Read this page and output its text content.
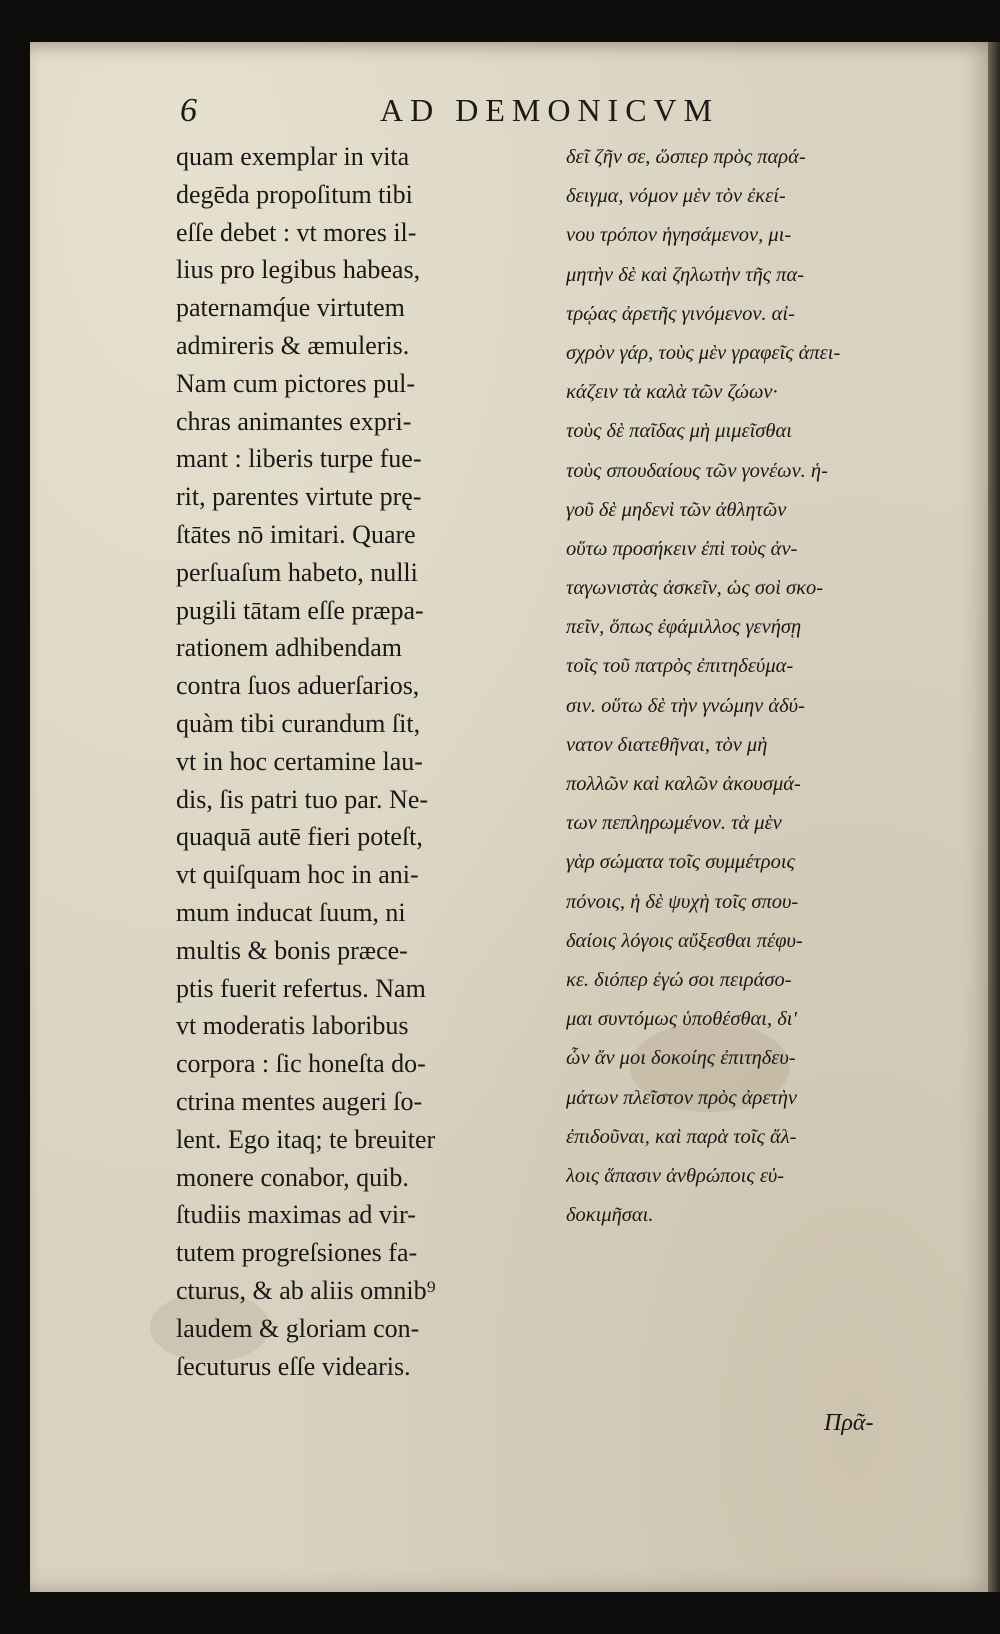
6	AD DEMONICVM
quam exemplar in vita
degēda propoſitum tibi
eſſe debet : vt mores il-
lius pro legibus habeas,
paternamq́ue virtutem
admireris & æmuleris.
Nam cum pictores pul-
chras animantes expri-
mant : liberis turpe fue-
rit, parentes virtute prę-
ſtātes nō imitari. Quare
perſuaſum habeto, nulli
pugili tātam eſſe præpa-
rationem adhibendam
contra ſuos aduerſarios,
quàm tibi curandum ſit,
vt in hoc certamine lau-
dis, ſis patri tuo par. Ne-
quaquā autē fieri poteſt,
vt quiſquam hoc in ani-
mum inducat ſuum, ni
multis & bonis præce-
ptis fuerit refertus. Nam
vt moderatis laboribus
corpora : ſic honeſta do-
ctrina mentes augeri ſo-
lent. Ego itaq; te breuiter
monere conabor, quib.
ſtudiis maximas ad vir-
tutem progreſsiones fa-
cturus, & ab aliis omnib⁹
laudem & gloriam con-
ſecuturus eſſe videaris.
δεῖ ζῆν σε, ὥσπερ πρὸς παρά-
δειγμα, νόμον μὲν τὸν ἐκεί-
νου τρόπον ἡγησάμενον, μι-
μητὴν δὲ καὶ ζηλωτὴν τῆς πα-
τρῴας ἀρετῆς γινόμενον. αἰ-
σχρὸν γάρ, τοὺς μὲν γραφεῖς ἀπει-
κάζειν τὰ καλὰ τῶν ζώων·
τοὺς δὲ παῖδας μὴ μιμεῖσθαι
τοὺς σπουδαίους τῶν γονέων. ἡ-
γοῦ δὲ μηδενὶ τῶν ἀθλητῶν
οὕτω προσήκειν ἐπὶ τοὺς ἀν-
ταγωνιστὰς ἀσκεῖν, ὡς σοὶ σκο-
πεῖν, ὅπως ἐφάμιλλος γενήσῃ
τοῖς τοῦ πατρὸς ἐπιτηδεύμα-
σιν. οὕτω δὲ τὴν γνώμην ἀδύ-
νατον διατεθῆναι, τὸν μὴ
πολλῶν καὶ καλῶν ἀκουσμά-
των πεπληρωμένον. τὰ μὲν
γὰρ σώματα τοῖς συμμέτροις
πόνοις, ἡ δὲ ψυχὴ τοῖς σπου-
δαίοις λόγοις αὔξεσθαι πέφυ-
κε. διόπερ ἐγώ σοι πειράσο-
μαι συντόμως ὑποθέσθαι, δι'
ὧν ἄν μοι δοκοίης ἐπιτηδευ-
μάτων πλεῖστον πρὸς ἀρετὴν
ἐπιδοῦναι, καὶ παρὰ τοῖς ἄλ-
λοις ἅπασιν ἀνθρώποις εὐ-
δοκιμῆσαι.
Πρᾶ-
